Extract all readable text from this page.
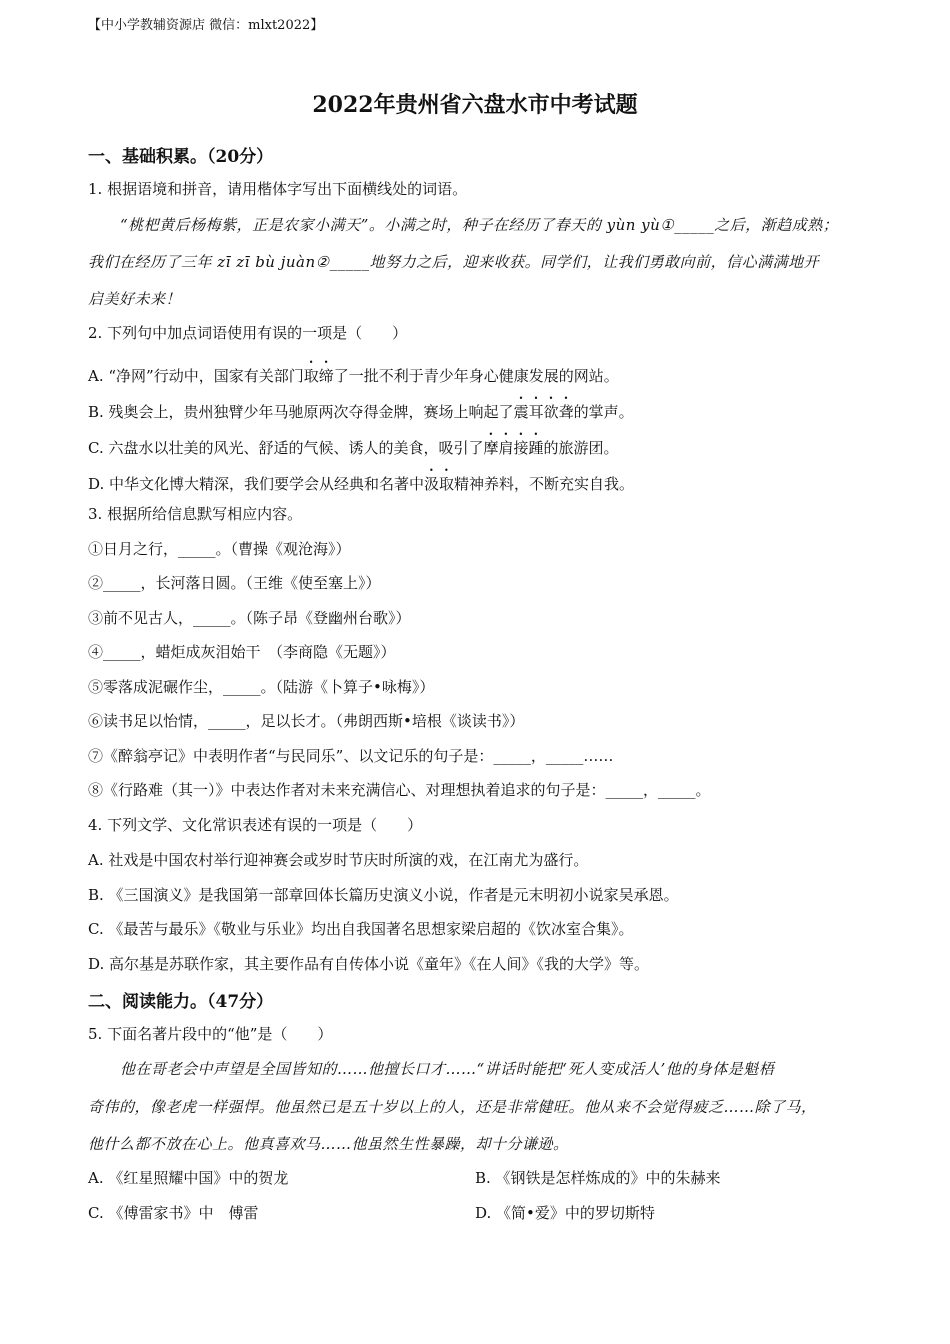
【中小学教辅资源店 微信：mlxt2022】
2022年贵州省六盘水市中考试题
一、基础积累。（20分）
1. 根据语境和拼音，请用楷体字写出下面横线处的词语。
“桃杷黄后杨梅紫，正是农家小满天”。小满之时，种子在经历了春天的 yùn yù①_____之后，渐趋成熟；
我们在经历了三年 zī zī bù juàn②_____地努力之后，迎来收获。同学们，让我们勇敢向前，信心满满地开
启美好未来！
2. 下列句中加点词语使用有误的一项是（　　）
A. “净网”行动中，国家有关部门取缔了一批不利于青少年身心健康发展的网站。
B. 残奥会上，贵州独臂少年马驰原两次夺得金牌，赛场上响起了震耳欲聋的掌声。
C. 六盘水以壮美的风光、舒适的气候、诱人的美食，吸引了摩肩接踵的旅游团。
D. 中华文化博大精深，我们要学会从经典和名著中汲取精神养料，不断充实自我。
3. 根据所给信息默写相应内容。
①日月之行，_____。（曹操《观沧海》）
②_____，长河落日圆。（王维《使至塞上》）
③前不见古人，_____。（陈子昂《登幽州台歌》）
④_____，蜡炬成灰泪始干　（李商隐《无题》）
⑤零落成泥碾作尘，_____。（陆游《卜算子•咏梅》）
⑥读书足以怡情，_____，足以长才。（弗朗西斯•培根《谈读书》）
⑦《醉翁亭记》中表明作者“与民同乐”、以文记乐的句子是：_____，_____……
⑧《行路难（其一）》中表达作者对未来充满信心、对理想执着追求的句子是：_____，_____。
4. 下列文学、文化常识表述有误的一项是（　　）
A. 社戏是中国农村举行迎神赛会或岁时节庆时所演的戏，在江南尤为盛行。
B. 《三国演义》是我国第一部章回体长篇历史演义小说，作者是元末明初小说家吴承恩。
C. 《最苦与最乐》《敬业与乐业》均出自我国著名思想家梁启超的《饮冰室合集》。
D. 高尔基是苏联作家，其主要作品有自传体小说《童年》《在人间》《我的大学》等。
二、阅读能力。（47分）
5. 下面名著片段中的“他”是（　　）
他在哥老会中声望是全国皆知的……他擅长口才……“讲话时能把‘死人变成活人’他的身体是魁梧
奇伟的，像老虎一样强悍。他虽然已是五十岁以上的人，还是非常健旺。他从来不会觉得疲乏……除了马，
他什么都不放在心上。他真喜欢马……他虽然生性暴躁，却十分谦逊。
A. 《红星照耀中国》中的贺龙	B. 《钢铁是怎样炼成的》中的朱赫来
C. 《傅雷家书》中　傅雷	D. 《简•爱》中的罗切斯特
